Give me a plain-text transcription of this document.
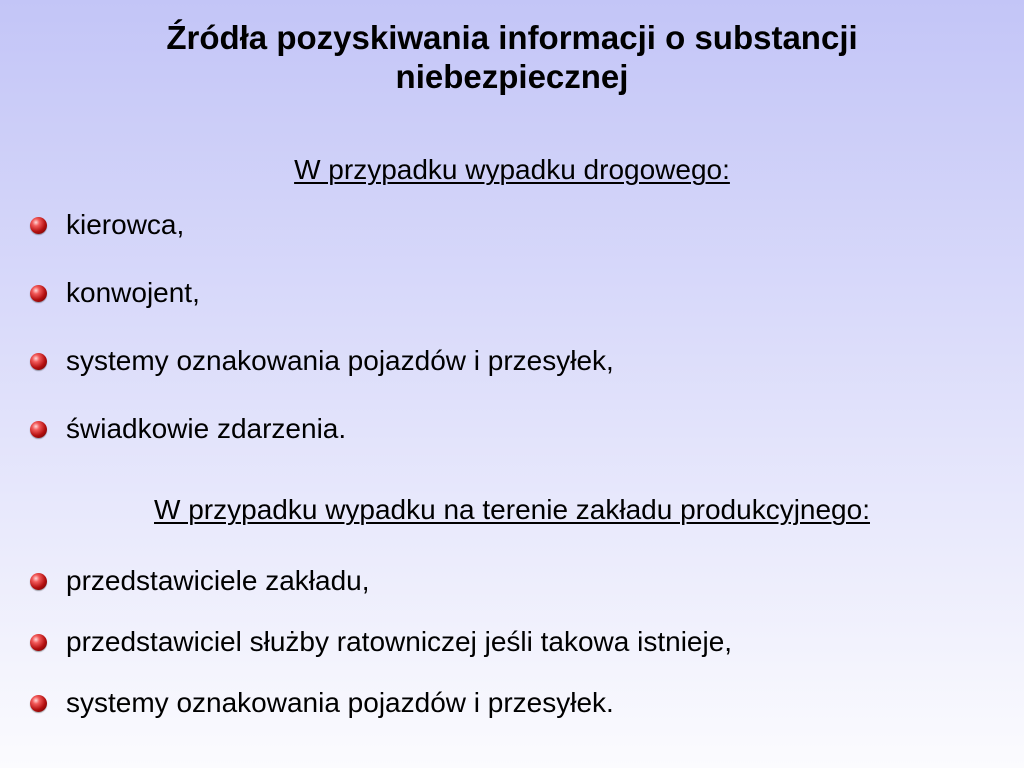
Źródła pozyskiwania informacji o substancji
niebezpiecznej
W przypadku wypadku drogowego:
kierowca,
konwojent,
systemy oznakowania pojazdów i przesyłek,
świadkowie zdarzenia.
W przypadku wypadku na terenie zakładu produkcyjnego:
przedstawiciele zakładu,
przedstawiciel służby ratowniczej jeśli takowa istnieje,
systemy oznakowania pojazdów i przesyłek.
